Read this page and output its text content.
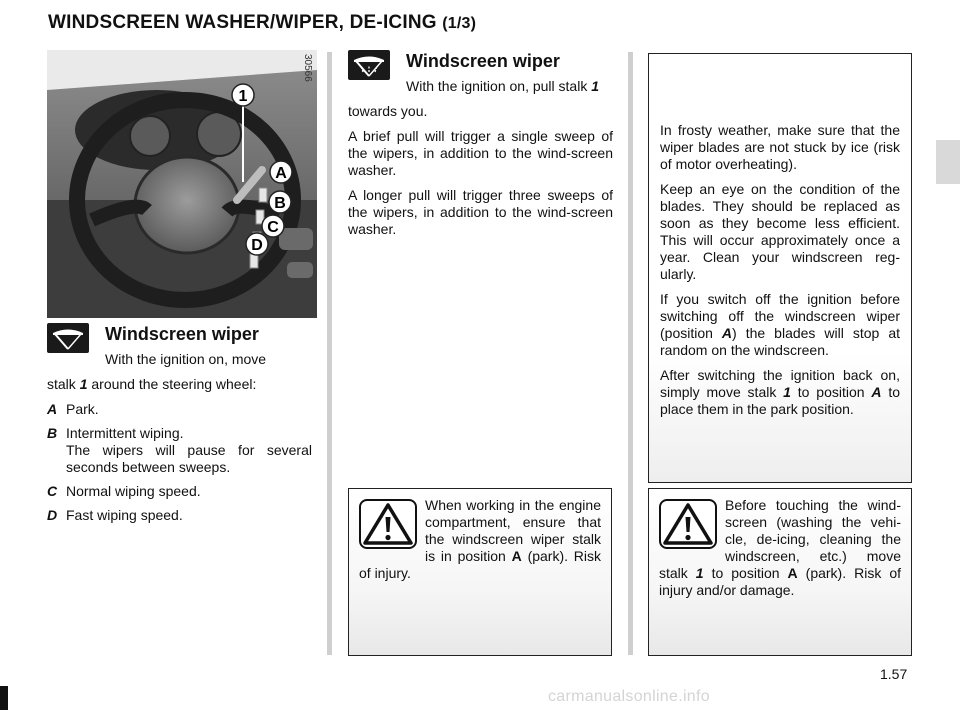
WINDSCREEN WASHER/WIPER, DE-ICING (1/3)
1
A
B
C
D
30566
Windscreen wiper

With the ignition on, move

stalk 1 around the steering wheel:

A Park.
B Intermittent wiping.
The wipers will pause for several seconds between sweeps.
C Normal wiping speed.
D Fast wiping speed.
Windscreen wiper

With the ignition on, pull stalk 1

towards you.

A brief pull will trigger a single sweep of the wipers, in addition to the wind-screen washer.

A longer pull will trigger three sweeps of the wipers, in addition to the wind-screen washer.

In frosty weather, make sure that the wiper blades are not stuck by ice (risk of motor overheating).

Keep an eye on the condition of the blades. They should be replaced as soon as they become less efficient. This will occur approximately once a year. Clean your windscreen reg-ularly.

If you switch off the ignition before switching off the windscreen wiper (position A) the blades will stop at random on the windscreen.

After switching the ignition back on, simply move stalk 1 to position A to place them in the park position.

When working in the engine compartment, ensure that the windscreen wiper stalk is in position A (park). Risk of injury.

Before touching the wind-screen (washing the vehi-cle, de-icing, cleaning the windscreen, etc.) move stalk 1 to position A (park). Risk of injury and/or damage.

1.57
carmanualsonline.info
